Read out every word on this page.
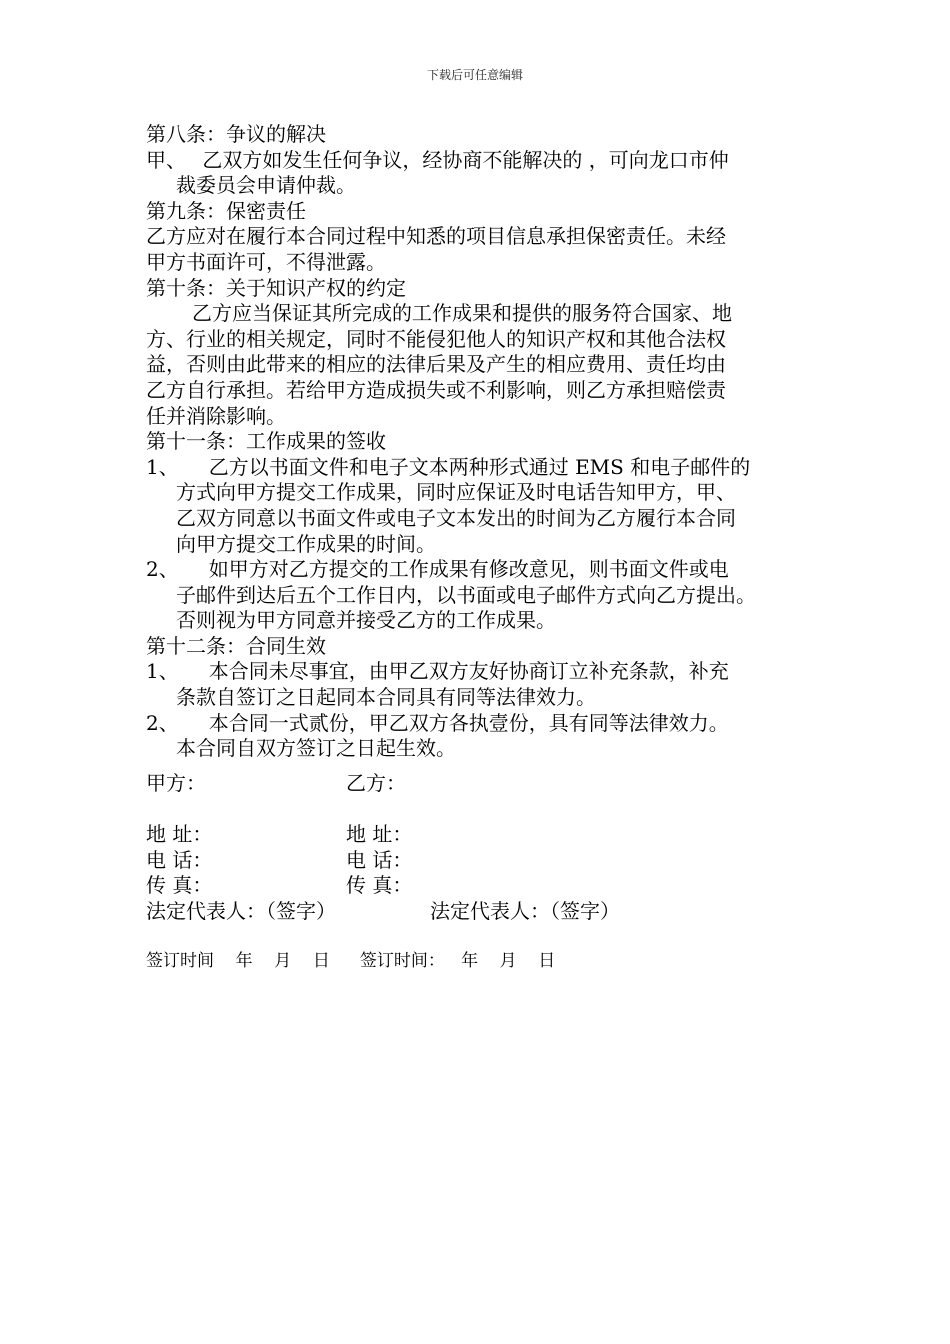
下载后可任意编辑
第八条：争议的解决
甲、　 乙双方如发生任何争议，经协商不能解决的 ，可向龙口市仲
裁委员会申请仲裁。
第九条：保密责任
乙方应对在履行本合同过程中知悉的项目信息承担保密责任。未经
甲方书面许可，不得泄露。
第十条：关于知识产权的约定
乙方应当保证其所完成的工作成果和提供的服务符合国家、地
方、行业的相关规定，同时不能侵犯他人的知识产权和其他合法权
益，否则由此带来的相应的法律后果及产生的相应费用、责任均由
乙方自行承担。若给甲方造成损失或不利影响，则乙方承担赔偿责
任并消除影响。
第十一条：工作成果的签收
1、　　乙方以书面文件和电子文本两种形式通过 EMS 和电子邮件的
方式向甲方提交工作成果，同时应保证及时电话告知甲方，甲、
乙双方同意以书面文件或电子文本发出的时间为乙方履行本合同
向甲方提交工作成果的时间。
2、　　如甲方对乙方提交的工作成果有修改意见，则书面文件或电
子邮件到达后五个工作日内，以书面或电子邮件方式向乙方提出。
否则视为甲方同意并接受乙方的工作成果。
第十二条：合同生效
1、　　本合同未尽事宜，由甲乙双方友好协商订立补充条款，补充
条款自签订之日起同本合同具有同等法律效力。
2、　　本合同一式贰份，甲乙双方各执壹份，具有同等法律效力。
本合同自双方签订之日起生效。
甲方：	乙方：
地 址：	地 址：
电 话：	电 话：
传 真：	传 真：
法定代表人：（签字）	法定代表人：（签字）
签订时间    年    月    日 签订时间：   年    月    日
